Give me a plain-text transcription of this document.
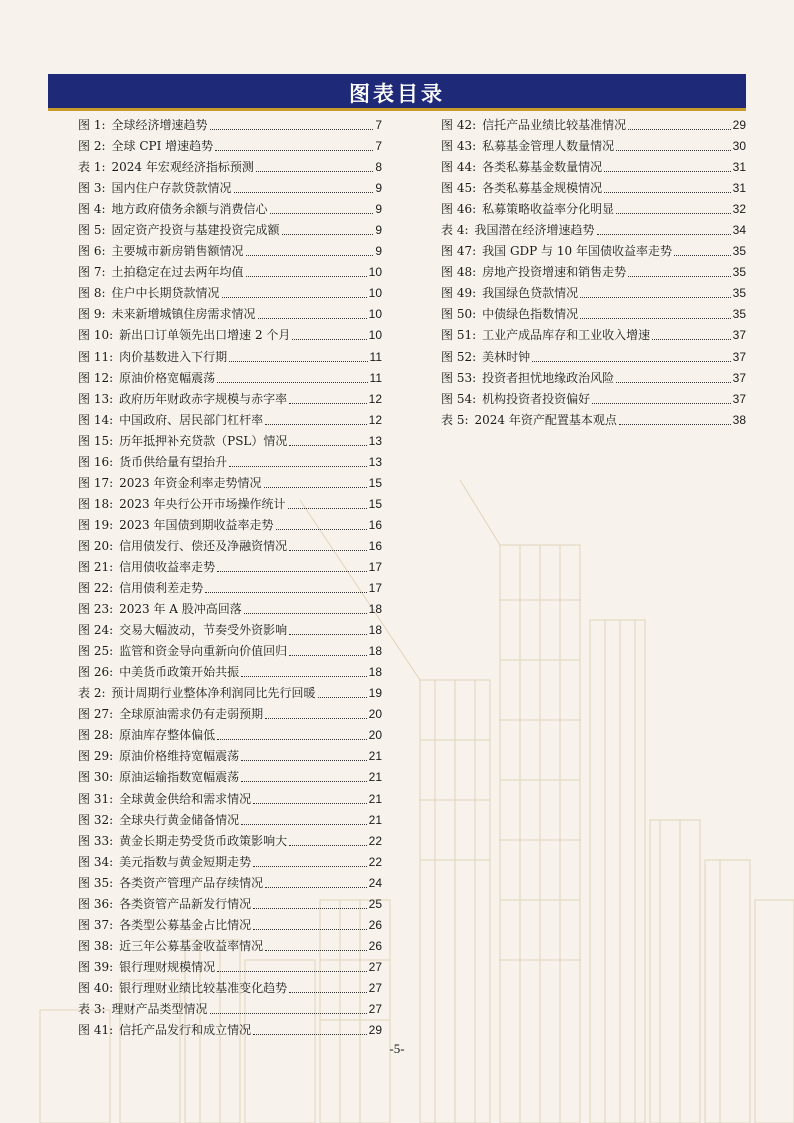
图表目录
图 1: 全球经济增速趋势	7
图 2: 全球 CPI 增速趋势	7
表 1: 2024 年宏观经济指标预测	8
图 3: 国内住户存款贷款情况	9
图 4: 地方政府债务余额与消费信心	9
图 5: 固定资产投资与基建投资完成额	9
图 6: 主要城市新房销售额情况	9
图 7: 土拍稳定在过去两年均值	10
图 8: 住户中长期贷款情况	10
图 9: 未来新增城镇住房需求情况	10
图 10: 新出口订单领先出口增速 2 个月	10
图 11: 肉价基数进入下行期	11
图 12: 原油价格宽幅震荡	11
图 13: 政府历年财政赤字规模与赤字率	12
图 14: 中国政府、居民部门杠杆率	12
图 15: 历年抵押补充贷款（PSL）情况	13
图 16: 货币供给量有望抬升	13
图 17: 2023 年资金利率走势情况	15
图 18: 2023 年央行公开市场操作统计	15
图 19: 2023 年国债到期收益率走势	16
图 20: 信用债发行、偿还及净融资情况	16
图 21: 信用债收益率走势	17
图 22: 信用债利差走势	17
图 23: 2023 年 A 股冲高回落	18
图 24: 交易大幅波动，节奏受外资影响	18
图 25: 监管和资金导向重新向价值回归	18
图 26: 中美货币政策开始共振	18
表 2: 预计周期行业整体净利润同比先行回暖	19
图 27: 全球原油需求仍有走弱预期	20
图 28: 原油库存整体偏低	20
图 29: 原油价格维持宽幅震荡	21
图 30: 原油运输指数宽幅震荡	21
图 31: 全球黄金供给和需求情况	21
图 32: 全球央行黄金储备情况	21
图 33: 黄金长期走势受货币政策影响大	22
图 34: 美元指数与黄金短期走势	22
图 35: 各类资产管理产品存续情况	24
图 36: 各类资管产品新发行情况	25
图 37: 各类型公募基金占比情况	26
图 38: 近三年公募基金收益率情况	26
图 39: 银行理财规模情况	27
图 40: 银行理财业绩比较基准变化趋势	27
表 3: 理财产品类型情况	27
图 41: 信托产品发行和成立情况	29
图 42: 信托产品业绩比较基准情况	29
图 43: 私募基金管理人数量情况	30
图 44: 各类私募基金数量情况	31
图 45: 各类私募基金规模情况	31
图 46: 私募策略收益率分化明显	32
表 4: 我国潜在经济增速趋势	34
图 47: 我国 GDP 与 10 年国债收益率走势	35
图 48: 房地产投资增速和销售走势	35
图 49: 我国绿色贷款情况	35
图 50: 中债绿色指数情况	35
图 51: 工业产成品库存和工业收入增速	37
图 52: 美林时钟	37
图 53: 投资者担忧地缘政治风险	37
图 54: 机构投资者投资偏好	37
表 5: 2024 年资产配置基本观点	38
-5-
